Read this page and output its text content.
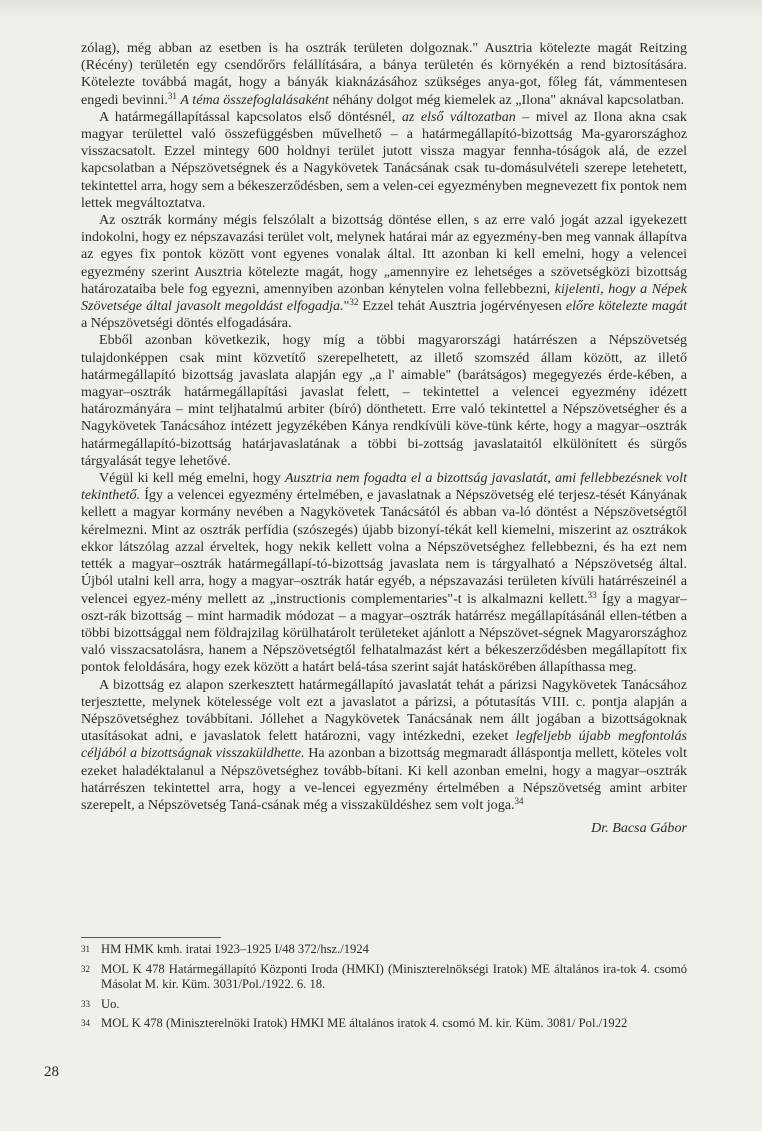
zólag), még abban az esetben is ha osztrák területen dolgoznak." Ausztria kötelezte magát Reitzing (Récény) területén egy csendőrőrs felállítására, a bánya területén és környékén a rend biztosítására. Kötelezte továbbá magát, hogy a bányák kiaknázásához szükséges anya-got, főleg fát, vámmentesen engedi bevinni.$^{31}$ A téma összefoglalásaként néhány dolgot még kiemelek az „Ilona" aknával kapcsolatban.

A határmegállapítással kapcsolatos első döntésnél, az első változatban – mivel az Ilona akna csak magyar területtel való összefüggésben művelhető – a határmegállapító-bizottság Ma-gyarországhoz visszacsatolt. Ezzel mintegy 600 holdnyi terület jutott vissza magyar fennha-tóságok alá, de ezzel kapcsolatban a Népszövetségnek és a Nagykövetek Tanácsának csak tu-domásulvételi szerepe letehetett, tekintettel arra, hogy sem a békeszerződésben, sem a velen-cei egyezményben megnevezett fix pontok nem lettek megváltoztatva.

Az osztrák kormány mégis felszólalt a bizottság döntése ellen, s az erre való jogát azzal igyekezett indokolni, hogy ez népszavazási terület volt, melynek határai már az egyezmény-ben meg vannak állapítva az egyes fix pontok között vont egyenes vonalak által. Itt azonban ki kell emelni, hogy a velencei egyezmény szerint Ausztria kötelezte magát, hogy „amennyire ez lehetséges a szövetségközi bizottság határozataiba bele fog egyezni, amennyiben azonban kénytelen volna fellebbezni, kijelenti, hogy a Népek Szövetsége által javasolt megoldást elfogadja."$^{32}$ Ezzel tehát Ausztria jogérvényesen előre kötelezte magát a Népszövetségi döntés elfogadására.

Ebből azonban következik, hogy míg a többi magyarországi határrészen a Népszövetség tulajdonképpen csak mint közvetítő szerepelhetett, az illető szomszéd állam között, az illető határmegállapító bizottság javaslata alapján egy „a l' aimable" (barátságos) megegyezés érde-kében, a magyar–osztrák határmegállapítási javaslat felett, – tekintettel a velencei egyezmény idézett határozmányára – mint teljhatalmú arbiter (bíró) dönthetett. Erre való tekintettel a Népszövetségher és a Nagykövetek Tanácsához intézett jegyzékében Kánya rendkívüli köve-tünk kérte, hogy a magyar–osztrák határmegállapító-bizottság határjavaslatának a többi bi-zottság javaslataitól elkülönített és sürgős tárgyalását tegye lehetővé.

Végül ki kell még emelni, hogy Ausztria nem fogadta el a bizottság javaslatát, ami fellebbezésnek volt tekinthető. Így a velencei egyezmény értelmében, e javaslatnak a Népszövetség elé terjesz-tését Kányának kellett a magyar kormány nevében a Nagykövetek Tanácsától és abban va-ló döntést a Népszövetségtől kérelmezni. Mint az osztrák perfídia (szószegés) újabb bizonyí-tékát kell kiemelni, miszerint az osztrákok ekkor látszólag azzal érveltek, hogy nekik kellett volna a Népszövetséghez fellebbezni, és ha ezt nem tették a magyar–osztrák határmegállapí-tó-bizottság javaslata nem is tárgyalható a Népszövetség által. Újból utalni kell arra, hogy a magyar–osztrák határ egyéb, a népszavazási területen kívüli határrészeinél a velencei egyez-mény mellett az „instructionis complementaries"-t is alkalmazni kellett.$^{33}$ Így a magyar–oszt-rák bizottság – mint harmadik módozat – a magyar–osztrák határrész megállapításánál ellen-tétben a többi bizottsággal nem földrajzilag körülhatárolt területeket ajánlott a Népszövet-ségnek Magyarországhoz való visszacsatolásra, hanem a Népszövetségtől felhatalmazást kért a békeszerződésben megállapított fix pontok feloldására, hogy ezek között a határt belá-tása szerint saját hatáskörében állapíthassa meg.

A bizottság ez alapon szerkesztett határmegállapító javaslatát tehát a párizsi Nagykövetek Tanácsához terjesztette, melynek kötelessége volt ezt a javaslatot a párizsi, a pótutasítás VIII. c. pontja alapján a Népszövetséghez továbbítani. Jóllehet a Nagykövetek Tanácsának nem állt jogában a bizottságoknak utasításokat adni, e javaslatok felett határozni, vagy intézkedni, ezeket legfeljebb újabb megfontolás céljából a bizottságnak visszaküldhette. Ha azonban a bizottság megmaradt álláspontja mellett, köteles volt ezeket haladéktalanul a Népszövetséghez tovább-bítani. Ki kell azonban emelni, hogy a magyar–osztrák határrészen tekintettel arra, hogy a ve-lencei egyezmény értelmében a Népszövetség amint arbiter szerepelt, a Népszövetség Taná-csának még a visszaküldéshez sem volt joga.$^{34}$

Dr. Bacsa Gábor

31 HM HMK kmh. iratai 1923–1925 I/48 372/hsz./1924
32 MOL K 478 Határmegállapító Központi Iroda (HMKI) (Miniszterelnökségi Iratok) ME általános ira-tok 4. csomó Másolat M. kir. Küm. 3031/Pol./1922. 6. 18.
33 Uo.
34 MOL K 478 (Miniszterelnöki Iratok) HMKI ME általános iratok 4. csomó M. kir. Küm. 3081/ Pol./1922
28
